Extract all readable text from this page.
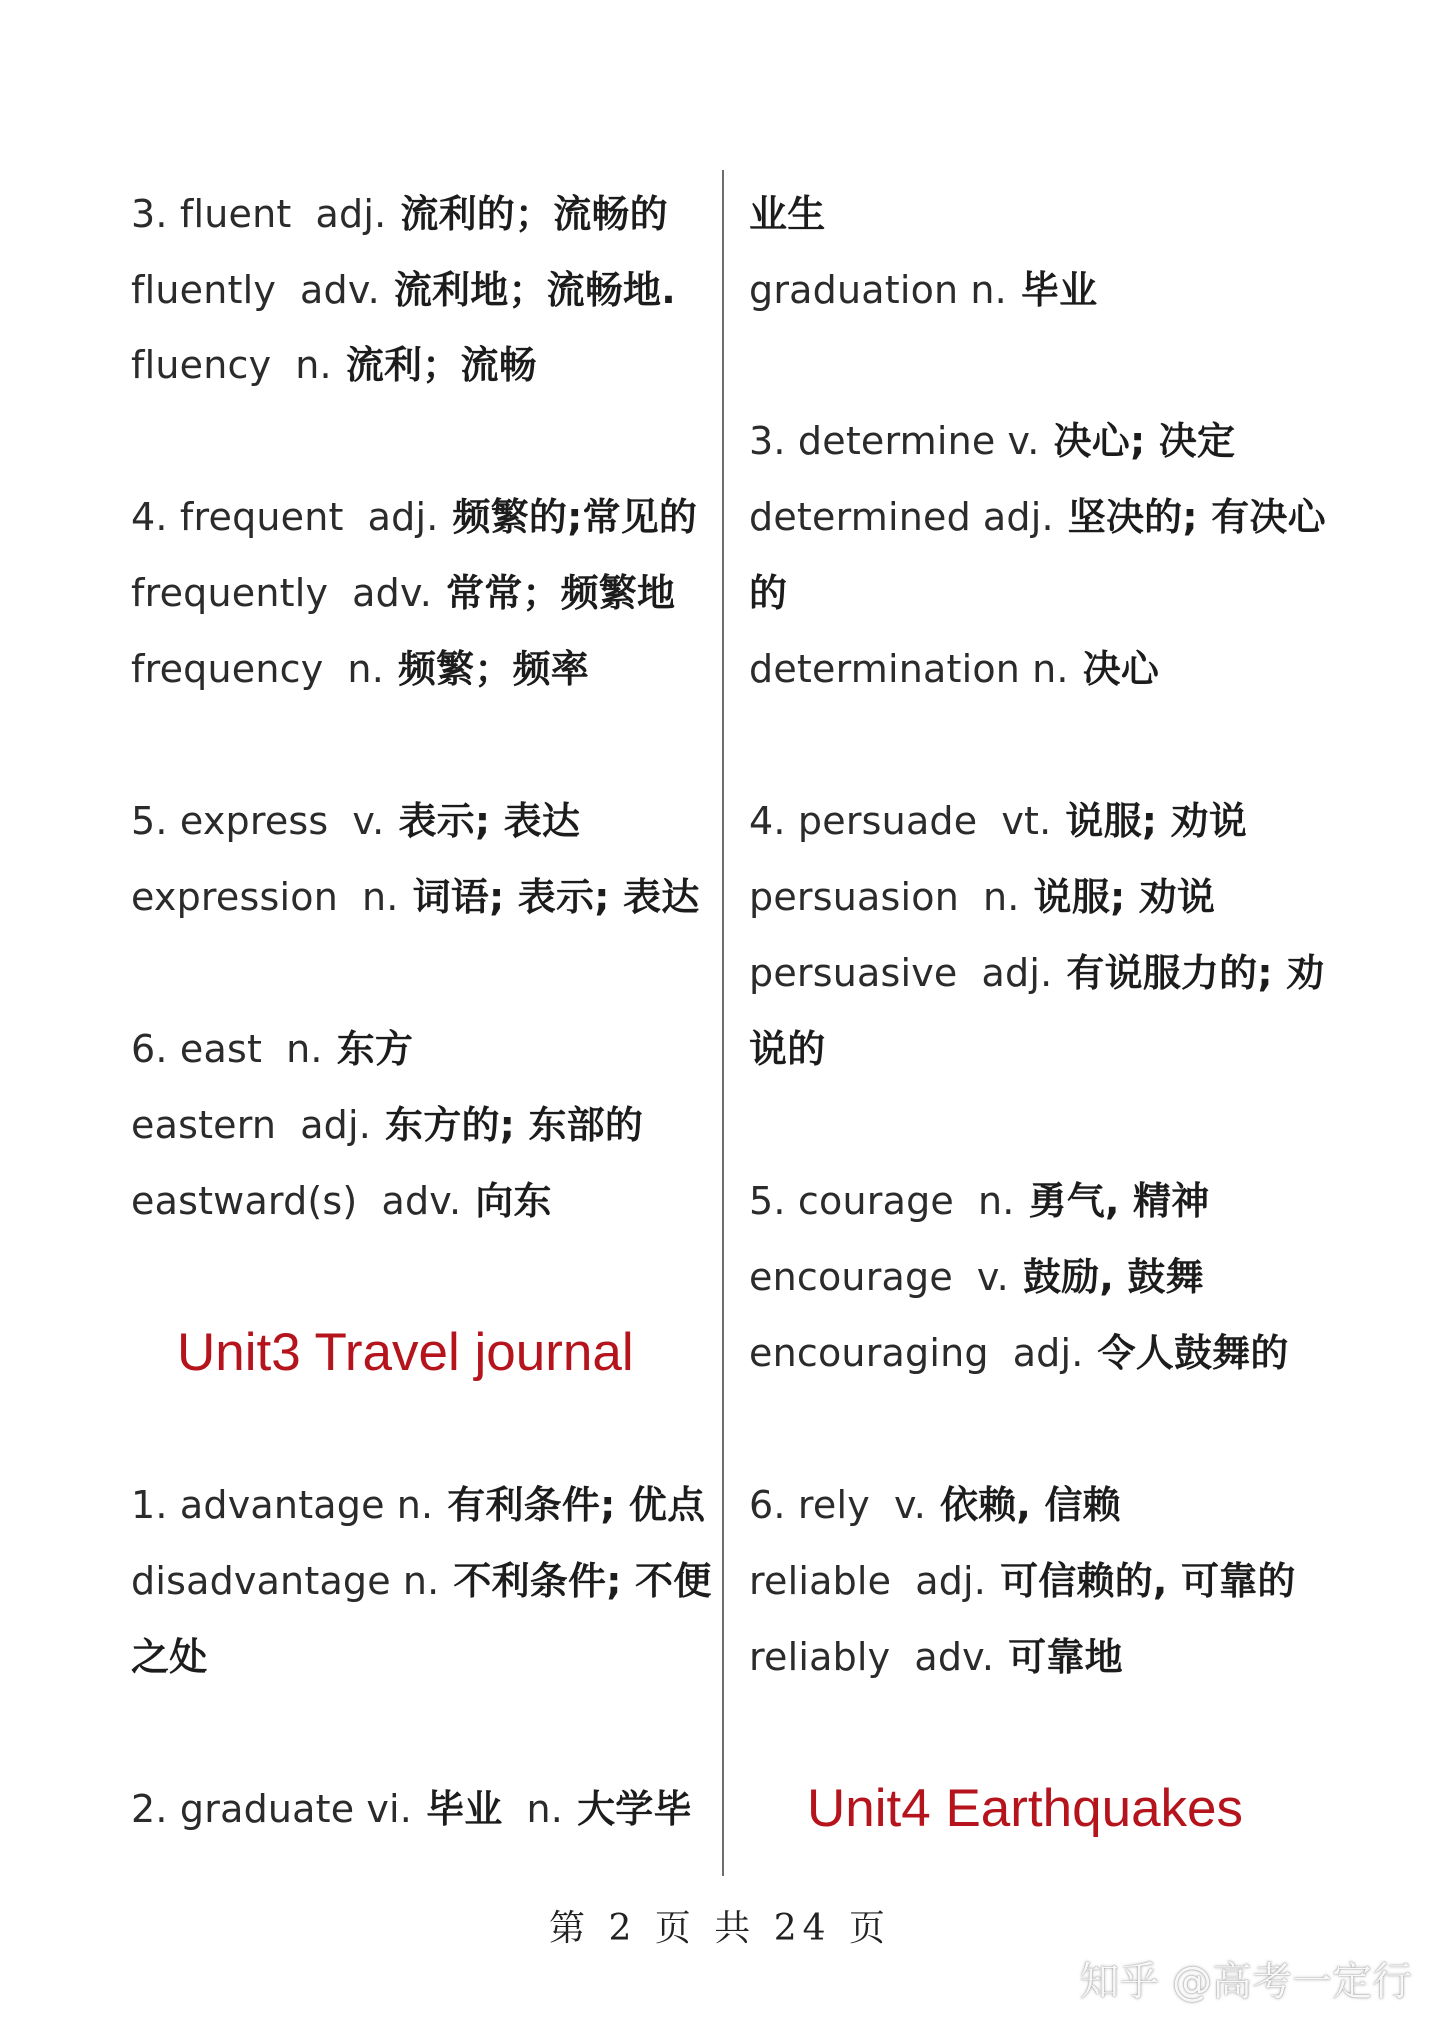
3. fluent adj. 流利的；流畅的
fluently adv. 流利地；流畅地.
fluency n. 流利；流畅
4. frequent adj. 频繁的;常见的
frequently adv. 常常；频繁地
frequency n. 频繁；频率
5. express v. 表示; 表达
expression n. 词语; 表示; 表达
6. east n. 东方
eastern adj. 东方的; 东部的
eastward(s) adv. 向东
Unit3 Travel journal
1. advantage n. 有利条件; 优点
disadvantage n. 不利条件; 不便
之处
2. graduate vi. 毕业 n. 大学毕
业生
graduation n. 毕业
3. determine v. 决心; 决定
determined adj. 坚决的; 有决心
的
determination n. 决心
4. persuade vt. 说服; 劝说
persuasion n. 说服; 劝说
persuasive adj. 有说服力的; 劝
说的
5. courage n. 勇气, 精神
encourage v. 鼓励, 鼓舞
encouraging adj. 令人鼓舞的
6. rely v. 依赖, 信赖
reliable adj. 可信赖的, 可靠的
reliably adv. 可靠地
Unit4 Earthquakes
第 2 页 共 24 页
知乎 @高考一定行
